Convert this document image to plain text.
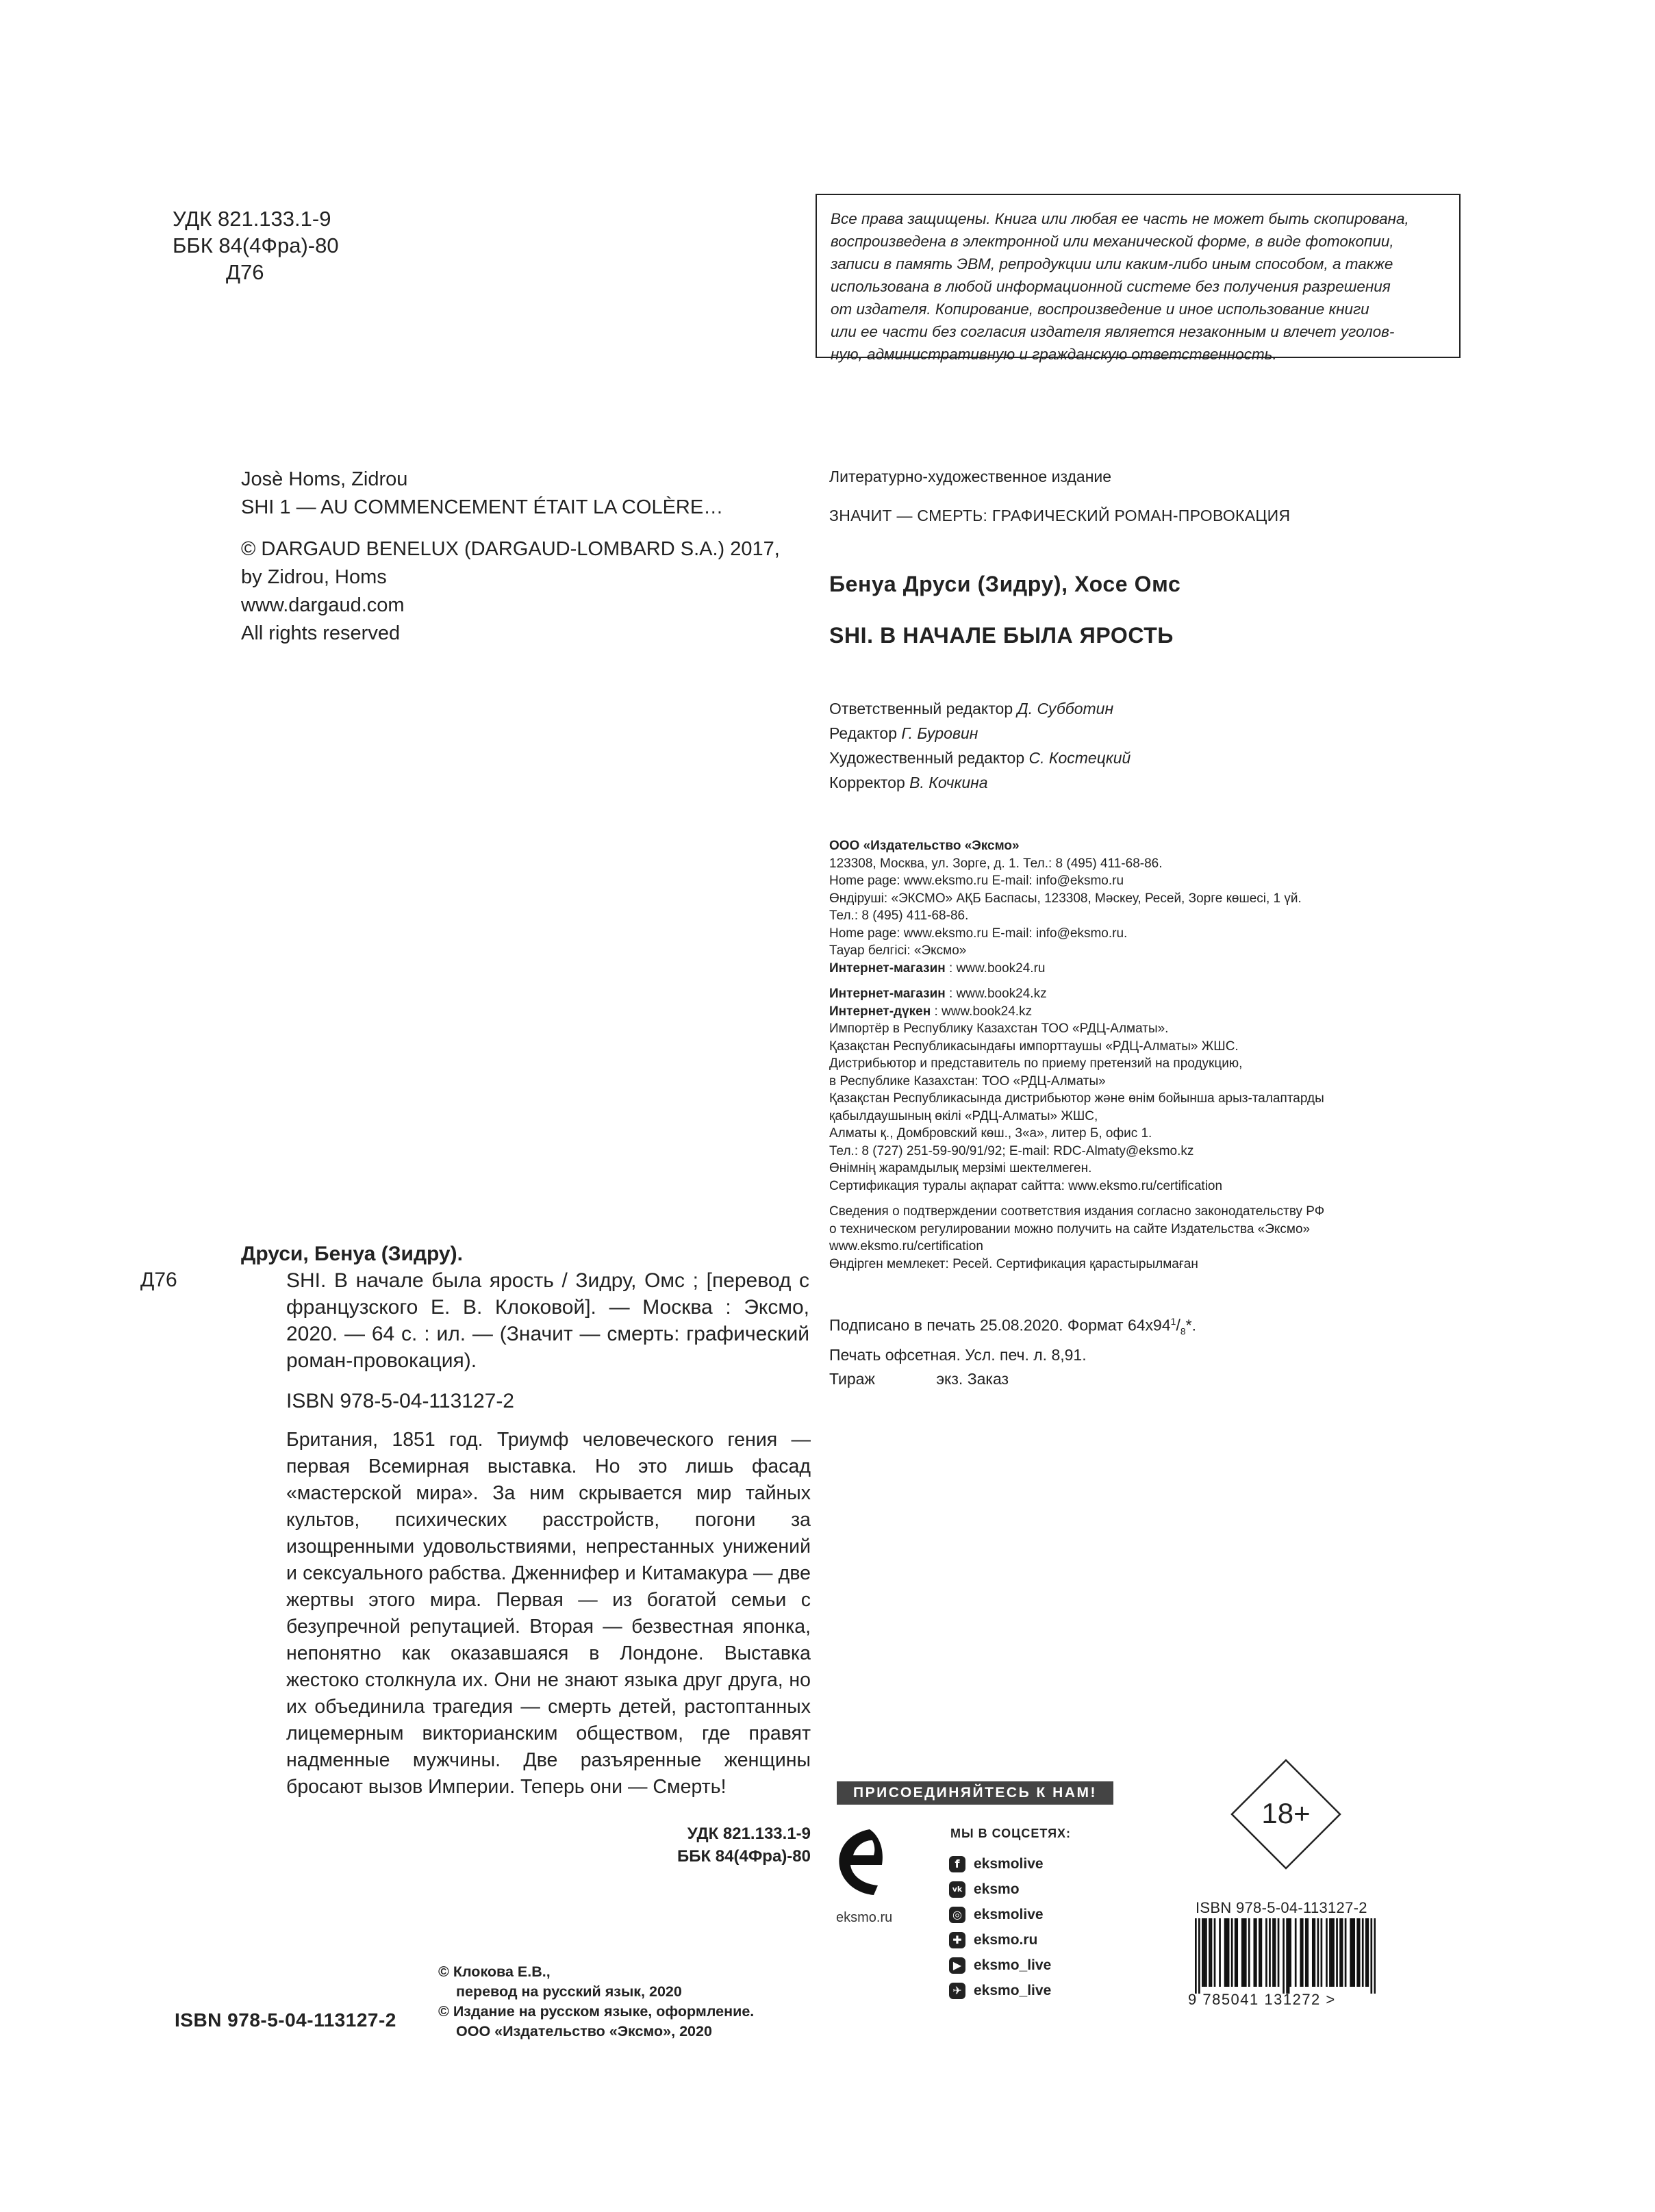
УДК 821.133.1-9
ББК 84(4Фра)-80
Д76
Все права защищены. Книга или любая ее часть не может быть скопирована,
воспроизведена в электронной или механической форме, в виде фотокопии,
записи в память ЭВМ, репродукции или каким-либо иным способом, а также
использована в любой информационной системе без получения разрешения
от издателя. Копирование, воспроизведение и иное использование книги
или ее части без согласия издателя является незаконным и влечет уголов-
ную, административную и гражданскую ответственность.
Josè Homs, Zidrou
SHI 1 — AU COMMENCEMENT ÉTAIT LA COLÈRE…
© DARGAUD BENELUX (DARGAUD-LOMBARD S.A.) 2017,
by Zidrou, Homs
www.dargaud.com
All rights reserved
Литературно-художественное издание
ЗНАЧИТ — СМЕРТЬ: ГРАФИЧЕСКИЙ РОМАН-ПРОВОКАЦИЯ
Бенуа Друси (Зидру), Хосе Омс
SHI. В НАЧАЛЕ БЫЛА ЯРОСТЬ
Ответственный редактор Д. Субботин
Редактор Г. Буровин
Художественный редактор С. Костецкий
Корректор В. Кочкина
ООО «Издательство «Эксмо»
123308, Москва, ул. Зорге, д. 1. Тел.: 8 (495) 411-68-86.
Home page: www.eksmo.ru E-mail: info@eksmo.ru
Өндіруші: «ЭКСМО» АҚБ Баспасы, 123308, Мәскеу, Ресей, Зорге көшесі, 1 үй.
Тел.: 8 (495) 411-68-86.
Home page: www.eksmo.ru E-mail: info@eksmo.ru.
Тауар белгісі: «Эксмо»
Интернет-магазин : www.book24.ru
Интернет-магазин : www.book24.kz
Интернет-дүкен : www.book24.kz
Импортёр в Республику Казахстан ТОО «РДЦ-Алматы».
Қазақстан Республикасындағы импорттаушы «РДЦ-Алматы» ЖШС.
Дистрибьютор и представитель по приему претензий на продукцию,
в Республике Казахстан: ТОО «РДЦ-Алматы»
Қазақстан Республикасында дистрибьютор және өнім бойынша арыз-талаптарды
қабылдаушының өкілі «РДЦ-Алматы» ЖШС,
Алматы қ., Домбровский көш., 3«а», литер Б, офис 1.
Тел.: 8 (727) 251-59-90/91/92; E-mail: RDC-Almaty@eksmo.kz
Өнімнің жарамдылық мерзімі шектелмеген.
Сертификация туралы ақпарат сайтта: www.eksmo.ru/certification
Сведения о подтверждении соответствия издания согласно законодательству РФ
о техническом регулировании можно получить на сайте Издательства «Эксмо»
www.eksmo.ru/certification
Өндірген мемлекет: Ресей. Сертификация қарастырылмаған
Подписано в печать 25.08.2020. Формат $64x94^1/_8*$.
Печать офсетная. Усл. печ. л. 8,91.
Тираж              экз. Заказ
Д76
Друси, Бенуа (Зидру).
SHI. В начале была ярость / Зидру, Омс ; [перевод с французского Е. В. Клоковой]. — Москва : Эксмо, 2020. — 64 с. : ил. — (Значит — смерть: графический роман-провокация).
ISBN 978-5-04-113127-2
Британия, 1851 год. Триумф человеческого гения — первая Всемирная выставка. Но это лишь фасад «мастерской мира». За ним скрывается мир тайных культов, психических расстройств, погони за изощренными удовольствиями, непрестанных унижений и сексуального рабства. Дженнифер и Китамакура — две жертвы этого мира. Первая — из богатой семьи с безупречной репутацией. Вторая — безвестная японка, непонятно как оказавшаяся в Лондоне. Выставка жестоко столкнула их. Они не знают языка друг друга, но их объединила трагедия — смерть детей, растоптанных лицемерным викторианским обществом, где правят надменные мужчины. Две разъяренные женщины бросают вызов Империи. Теперь они — Смерть!
УДК 821.133.1-9
ББК 84(4Фра)-80
© Клокова Е.В.,
перевод на русский язык, 2020
© Издание на русском языке, оформление.
ООО «Издательство «Эксмо», 2020
ISBN 978-5-04-113127-2
ПРИСОЕДИНЯЙТЕСЬ К НАМ!
eksmo.ru
МЫ В СОЦСЕТЯХ:
f eksmolive
vk eksmo
◎ eksmolive
✚ eksmo.ru
▶ eksmo_live
✈ eksmo_live
18+
ISBN 978-5-04-113127-2
9 785041 131272 >
